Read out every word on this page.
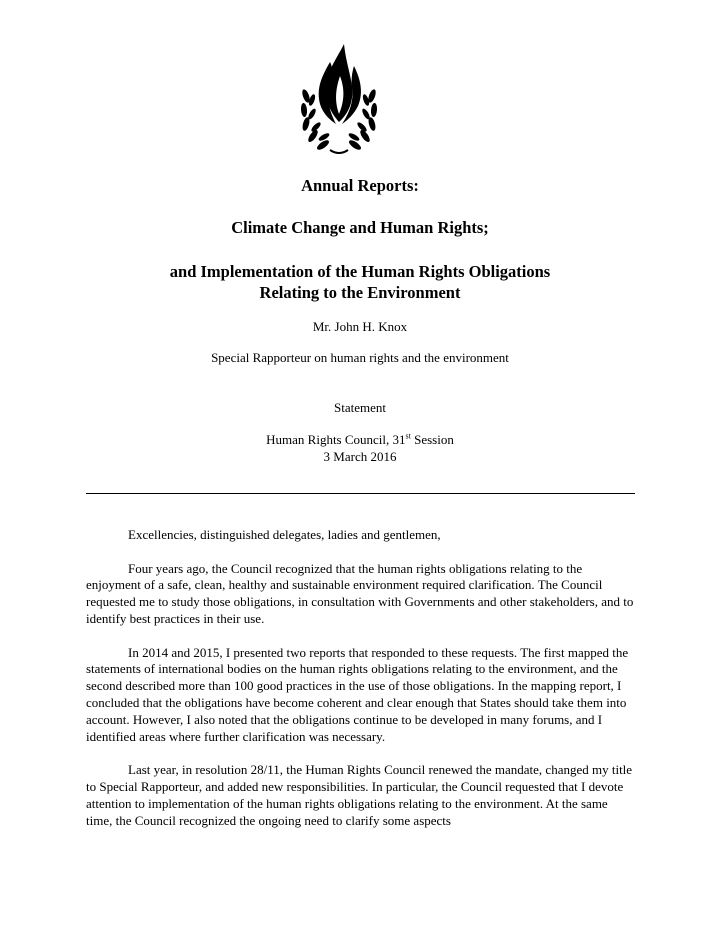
Annual Reports:
Climate Change and Human Rights;
and Implementation of the Human Rights Obligations
Relating to the Environment
Mr. John H. Knox
Special Rapporteur on human rights and the environment
Statement
Human Rights Council, 31st Session
3 March 2016

Excellencies, distinguished delegates, ladies and gentlemen,

Four years ago, the Council recognized that the human rights obligations relating to the enjoyment of a safe, clean, healthy and sustainable environment required clarification. The Council requested me to study those obligations, in consultation with Governments and other stakeholders, and to identify best practices in their use.

In 2014 and 2015, I presented two reports that responded to these requests. The first mapped the statements of international bodies on the human rights obligations relating to the environment, and the second described more than 100 good practices in the use of those obligations. In the mapping report, I concluded that the obligations have become coherent and clear enough that States should take them into account. However, I also noted that the obligations continue to be developed in many forums, and I identified areas where further clarification was necessary.

Last year, in resolution 28/11, the Human Rights Council renewed the mandate, changed my title to Special Rapporteur, and added new responsibilities. In particular, the Council requested that I devote attention to implementation of the human rights obligations relating to the environment. At the same time, the Council recognized the ongoing need to clarify some aspects
